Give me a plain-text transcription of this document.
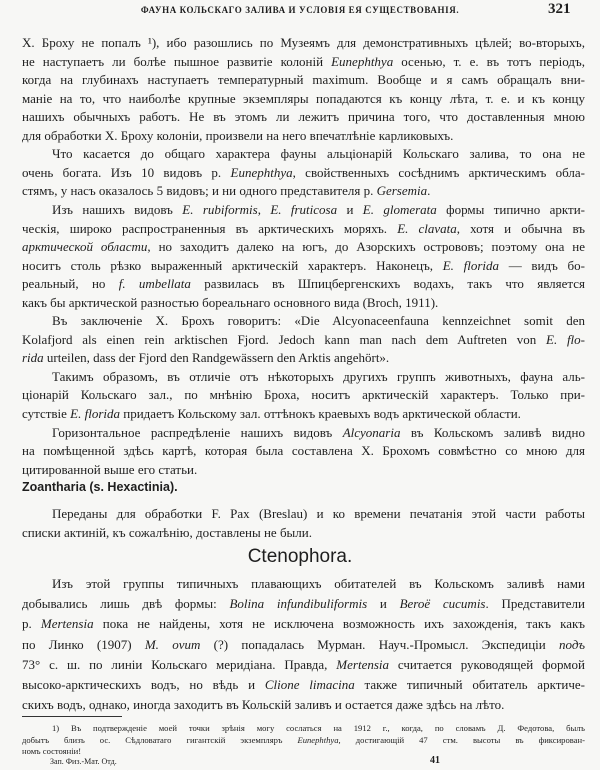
ФАУНА КОЛЬСКАГО ЗАЛИВА И УСЛОВІЯ ЕЯ СУЩЕСТВОВАНІЯ.	321
Х. Броху не попалъ ¹), ибо разошлись по Музеямъ для демонстративныхъ цѣлей; во-вторыхъ,
не наступаетъ ли болѣе пышное развитіе колоній Eunephthya осенью, т. е. въ тотъ періодъ,
когда на глубинахъ наступаетъ температурный maximum. Вообще и я самъ обращалъ вни-
маніе на то, что наиболѣе крупные экземпляры попадаются къ концу лѣта, т. е. и къ концу
нашихъ обычныхъ работъ. Не въ этомъ ли лежитъ причина того, что доставленныя мною
для обработки Х. Броху колоніи, произвели на него впечатлѣніе карликовыхъ.
Что касается до общаго характера фауны альціонарій Кольскаго залива, то она не
очень богата. Изъ 10 видовъ р. Eunephthya, свойственныхъ сосѣднимъ арктическимъ обла-
стямъ, у насъ оказалось 5 видовъ; и ни одного представителя р. Gersemia.
Изъ нашихъ видовъ E. rubiformis, E. fruticosa и E. glomerata формы типично аркти-
ческія, широко распространенныя въ арктическихъ моряхъ. E. clavata, хотя и обычна въ
арктической области, но заходитъ далеко на югъ, до Азорскихъ острововъ; поэтому она не
носитъ столь рѣзко выраженный арктическій характеръ. Наконецъ, E. florida — видъ бо-
реальный, но f. umbellata развилась въ Шпицбергенскихъ водахъ, такъ что является
какъ бы арктической разностью бореальнаго основного вида (Broch, 1911).
Въ заключеніе Х. Брохъ говоритъ: «Die Alcyonaceenfauna kennzeichnet somit den
Kolafjord als einen rein arktischen Fjord. Jedoch kann man nach dem Auftreten von E. flo-
rida urteilen, dass der Fjord den Randgewässern den Arktis angehört».
Такимъ образомъ, въ отличіе отъ нѣкоторыхъ другихъ группъ животныхъ, фауна аль-
ціонарій Кольскаго зал., по мнѣнію Броха, носитъ арктическій характеръ. Только при-
сутствіе E. florida придаетъ Кольскому зал. оттѣнокъ краевыхъ водъ арктической области.
Горизонтальное распредѣленіе нашихъ видовъ Alcyonaria въ Кольскомъ заливѣ видно
на помѣщенной здѣсь картѣ, которая была составлена Х. Брохомъ совмѣстно со мною для
цитированной выше его статьи.
Переданы для обработки F. Pax (Breslau) и ко времени печатанія этой части работы
списки актиній, къ сожалѣнію, доставлены не были.
Изъ этой группы типичныхъ плавающихъ обитателей въ Кольскомъ заливѣ нами
добывались лишь двѣ формы: Bolina infundibuliformis и Beroë cucumis. Представители
р. Mertensia пока не найдены, хотя не исключена возможность ихъ захожденія, такъ какъ
по Линко (1907) M. ovum (?) попадалась Мурман. Науч.-Промысл. Экспедиціи подъ
73° с. ш. по линіи Кольскаго меридіана. Правда, Mertensia считается руководящей формой
высоко-арктическихъ водъ, но вѣдь и Clione limacina также типичный обитатель арктиче-
скихъ водъ, однако, иногда заходитъ въ Кольскій заливъ и остается даже здѣсь на лѣто.
Zoantharia (s. Hexactinia).
Ctenophora.
1) Въ подтвержденіе моей точки зрѣнія могу сослаться на 1912 г., когда, по словамъ Д. Федотова, былъ
добытъ близъ ос. Сѣдловатаго гигантскій экземпляръ Eunephthya, достигающій 47 стм. высоты въ фиксирован-
номъ состояніи!
Зап. Физ.-Мат. Отд.	41
